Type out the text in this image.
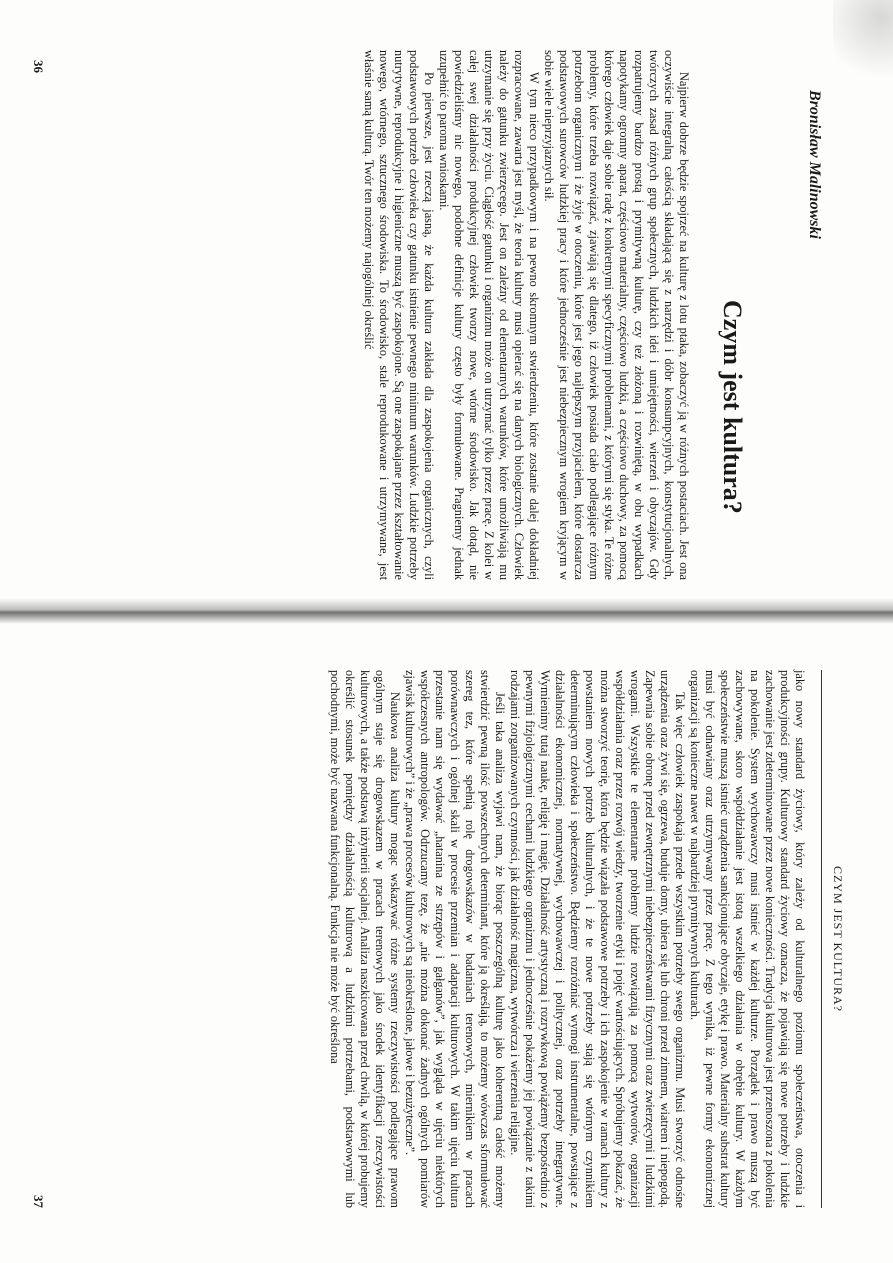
Bronisław Malinowski
Czym jest kultura?

Najpierw dobrze będzie spojrzeć na kulturę z lotu ptaka, zobaczyć ją w różnych postaciach. Jest ona oczywiście integralną całością składającą się z narzędzi i dóbr konsumpcyjnych, konstytucjonalnych, twórczych zasad różnych grup społecznych, ludzkich idei i umiejętności, wierzeń i obyczajów. Gdy rozpatrujemy bardzo prostą i prymitywną kulturę, czy też złożoną i rozwiniętą, w obu wypadkach napotykamy ogromny aparat, częściowo materialny, częściowo ludzki, a częściowo duchowy, za pomocą którego człowiek daje sobie radę z konkretnymi specyficznymi problemami, z którymi się styka. Te różne problemy, które trzeba rozwiązać, zjawiają się dlatego, iż człowiek posiada ciało podlegające różnym potrzebom organicznym i że żyje w otoczeniu, które jest jego najlepszym przyjacielem, które dostarcza podstawowych surowców ludzkiej pracy i które jednocześnie jest niebezpiecznym wrogiem kryjącym w sobie wiele nieprzyjaznych sił.

W tym nieco przypadkowym i na pewno skromnym stwierdzeniu, które zostanie dalej dokładniej rozpracowane, zawarta jest myśl, że teoria kultury musi opierać się na danych biologicznych. Człowiek należy do gatunku zwierzęcego. Jest on zależny od elementarnych warunków, które umożliwiają mu utrzymanie się przy życiu. Ciągłość gatunku i organizmu może on utrzymać tylko przez pracę. Z kolei w całej swej działalności produkcyjnej człowiek tworzy nowe, wtórne środowisko. Jak dotąd, nie powiedzieliśmy nic nowego, podobne definicje kultury często były formułowane. Pragniemy jednak uzupełnić to paroma wnioskami.

Po pierwsze, jest rzeczą jasną, że każda kultura zakłada dla zaspokojenia organicznych, czyli podstawowych potrzeb człowieka czy gatunku istnienie pewnego minimum warunków. Ludzkie potrzeby nutrytywne, reprodukcyjne i higieniczne muszą być zaspokojone. Są one zaspokajane przez kształtowanie nowego, wtórnego, sztucznego środowiska. To środowisko, stale reprodukowane i utrzymywane, jest właśnie samą kulturą. Twór ten możemy najogólniej określić

36
CZYM JEST KULTURA?

jako nowy standard życiowy, który zależy od kulturalnego poziomu społeczeństwa, otoczenia i produkcyjności grupy. Kulturowy standard życiowy oznacza, że pojawiają się nowe potrzeby i ludzkie zachowanie jest zdeterminowane przez nowe konieczności. Tradycja kulturowa jest przenoszona z pokolenia na pokolenie. System wychowawczy musi istnieć w każdej kulturze. Porządek i prawo muszą być zachowywane, skoro współdziałanie jest istotą wszelkiego działania w obrębie kultury. W każdym społeczeństwie muszą istnieć urządzenia sankcjonujące obyczaje, etykę i prawo. Materialny substrat kultury musi być odnawiany oraz utrzymywany przez pracę. Z tego wynika, iż pewne formy ekonomicznej organizacji są konieczne nawet w najbardziej prymitywnych kulturach.

Tak więc człowiek zaspokaja przede wszystkim potrzeby swego organizmu. Musi stworzyć odnośne urządzenia oraz żywi się, ogrzewa, buduje domy, ubiera się lub chroni przed zimnem, wiatrem i niepogodą. Zapewnia sobie obronę przed zewnętrznymi niebezpieczeństwami fizycznymi oraz zwierzęcymi i ludzkimi wrogami. Wszystkie te elementarne problemy ludzie rozwiązują za pomocą wytworów, organizacji współdziałania oraz przez rozwój wiedzy, tworzenie etyki i pojęć wartościujących. Spróbujemy pokazać, że można stworzyć teorię, która będzie wiązała podstawowe potrzeby i ich zaspokojenie w ramach kultury z powstaniem nowych potrzeb kulturalnych, i że te nowe potrzeby stają się wtórnym czynnikiem determinującym człowieka i społeczeństwo. Będziemy rozróżniać wymogi instrumentalne, powstające z działalności ekonomicznej, normatywnej, wychowawczej i politycznej, oraz potrzeby integratywne. Wymienimy tutaj naukę, religię i magię. Działalność artystyczną i rozrywkową powiążemy bezpośrednio z pewnymi fizjologicznymi cechami ludzkiego organizmu i jednocześnie pokażemy jej powiązanie z takimi rodzajami zorganizowanych czynności, jak działalność magiczna, wytwórcza i wierzenia religijne.

Jeśli taka analiza wyjawi nam, że biorąc poszczególną kulturę jako koherentną całość możemy stwierdzić pewną ilość powszechnych determinant, które ją określają, to możemy wówczas sformułować szereg tez, które spełnią rolę drogowskazów w badaniach terenowych, miernikiem w pracach porównawczych i ogólnej skali w procesie przemian i adaptacji kulturowych. W takim ujęciu kultura przestanie nam się wydawać „hatanina ze strzępów i gałganów”, jak wygląda w ujęciu niektórych współczesnych antropologów. Odrzucamy tezę, że „nie można dokonać żadnych ogólnych pomiarów zjawisk kulturowych” i że „prawa procesów kulturowych są nieokreślone, jałowe i bezużyteczne”.

Naukowa analiza kultury mogąc wskazywać różne systemy rzeczywistości podlegające prawom ogólnym staje się drogowskazem w pracach terenowych jako środek identyfikacji rzeczywistości kulturowych, a także podstawą inżynierii socjalnej. Analiza naszkicowana przed chwilą, w której probujemy określić stosunek pomiędzy działalnością kulturową a ludzkimi potrzebami, podstawowymi lub pochodnymi, może być nazwana funkcjonalną. Funkcja nie może być określona

37
